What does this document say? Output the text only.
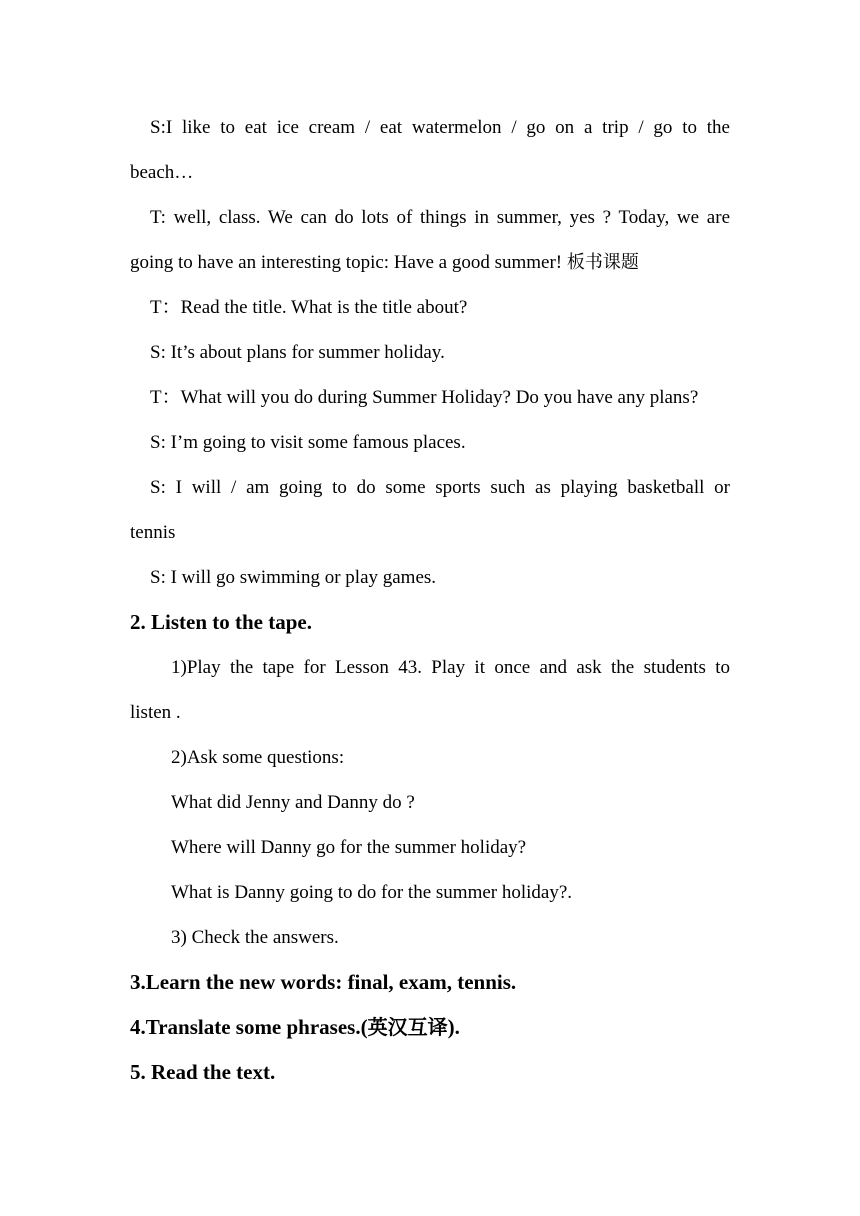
S:I like to eat ice cream / eat watermelon / go on a trip / go to the
beach…
T: well, class. We can do lots of things in summer, yes ? Today, we are
going to have an interesting topic: Have a good summer! 板书课题
T：Read the title. What is the title about?
S: It’s about plans for summer holiday.
T：What will you do during Summer Holiday? Do you have any plans?
S: I’m going to visit some famous places.
S: I will / am going to do some sports such as playing basketball or
tennis
S: I will go swimming or play games.
2. Listen to the tape.
1)Play the tape for Lesson 43. Play it once and ask the students to
listen .
2)Ask some questions:
What did Jenny and Danny do ?
Where will Danny go for the summer holiday?
What is Danny going to do for the summer holiday?.
3) Check the answers.
3.Learn the new words: final, exam, tennis.
4.Translate some phrases.(英汉互译).
5. Read the text.
